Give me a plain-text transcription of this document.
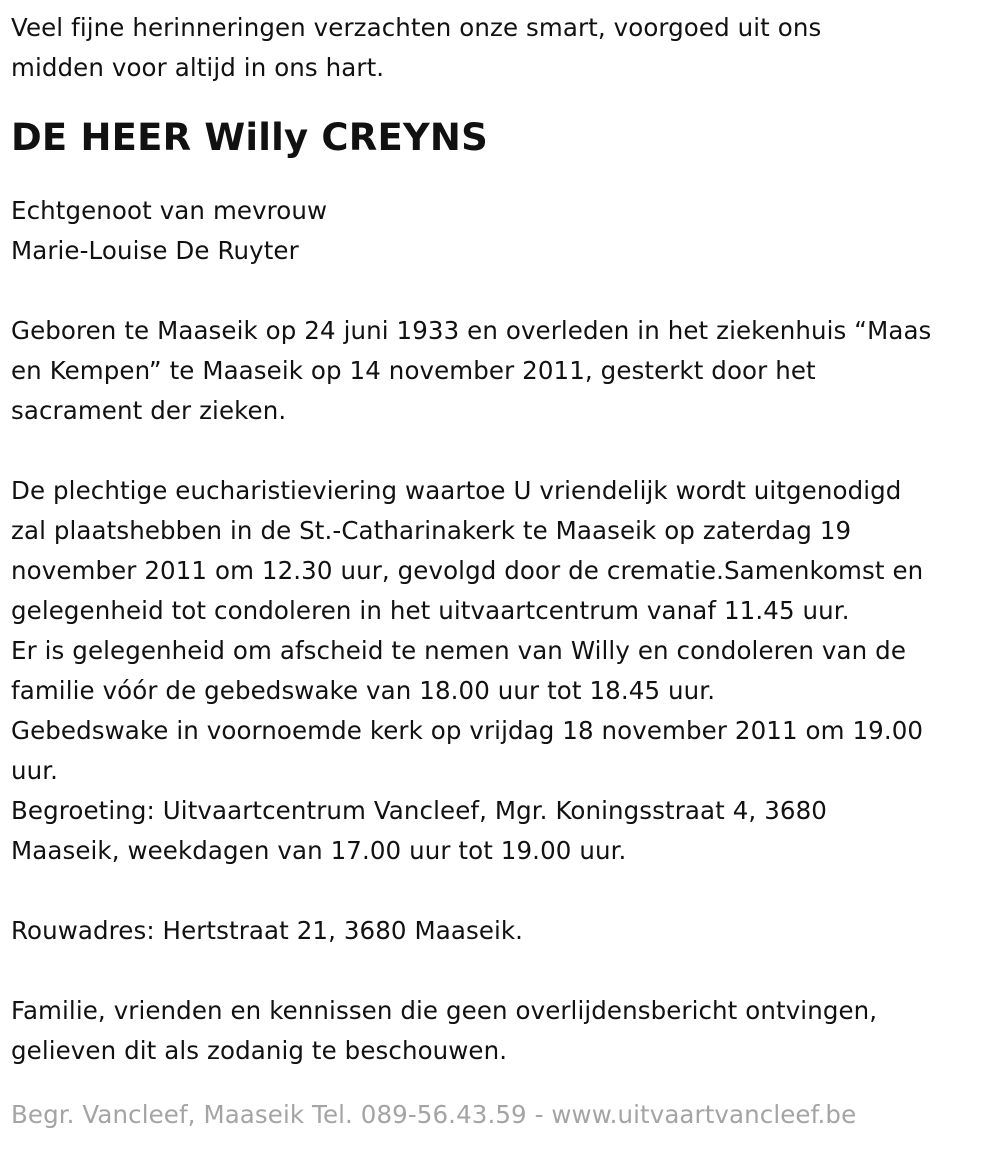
Veel fijne herinneringen verzachten onze smart, voorgoed uit ons

midden voor altijd in ons hart.

DE HEER Willy CREYNS

Echtgenoot van mevrouw

Marie-Louise De Ruyter

Geboren te Maaseik op 24 juni 1933 en overleden in het ziekenhuis “Maas

en Kempen” te Maaseik op 14 november 2011, gesterkt door het

sacrament der zieken.

De plechtige eucharistieviering waartoe U vriendelijk wordt uitgenodigd

zal plaatshebben in de St.-Catharinakerk te Maaseik op zaterdag 19

november 2011 om 12.30 uur, gevolgd door de crematie.Samenkomst en

gelegenheid tot condoleren in het uitvaartcentrum vanaf 11.45 uur.

Er is gelegenheid om afscheid te nemen van Willy en condoleren van de

familie vóór de gebedswake van 18.00 uur tot 18.45 uur.

Gebedswake in voornoemde kerk op vrijdag 18 november 2011 om 19.00

uur.

Begroeting: Uitvaartcentrum Vancleef, Mgr. Koningsstraat 4, 3680

Maaseik, weekdagen van 17.00 uur tot 19.00 uur.

Rouwadres: Hertstraat 21, 3680 Maaseik.

Familie, vrienden en kennissen die geen overlijdensbericht ontvingen,

gelieven dit als zodanig te beschouwen.

Begr. Vancleef, Maaseik Tel. 089-56.43.59 - www.uitvaartvancleef.be
